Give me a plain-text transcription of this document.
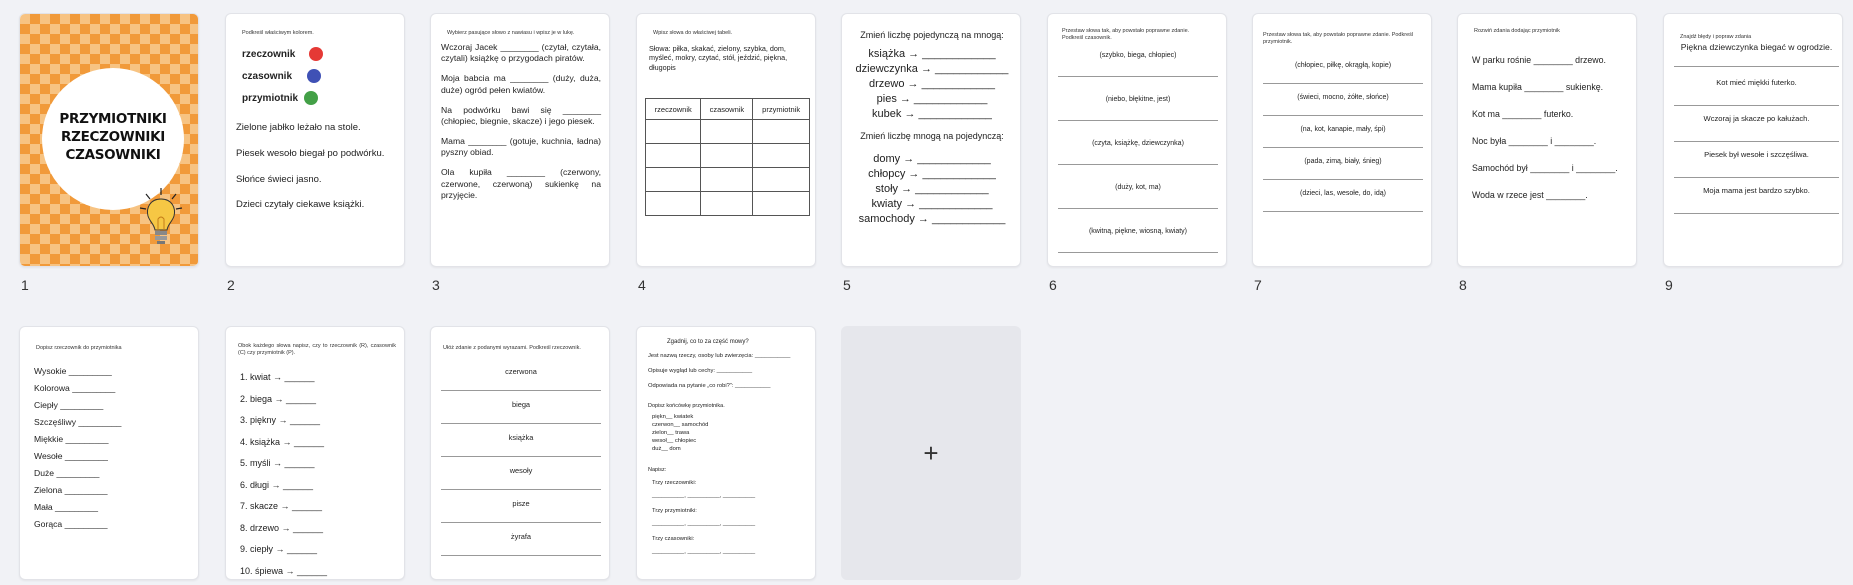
PRZYMIOTNIKI
RZECZOWNIKI
CZASOWNIKI
1
Podkreśl właściwym kolorem.
rzeczownik
czasownik
przymiotnik
Zielone jabłko leżało na stole.
Piesek wesoło biegał po podwórku.
Słońce świeci jasno.
Dzieci czytały ciekawe książki.
2
Wybierz pasujące słowo z nawiasu i wpisz je w lukę.
Wczoraj Jacek ________ (czytał, czytała, czytali) książkę o przygodach piratów.
Moja babcia ma ________ (duży, duża, duże) ogród pełen kwiatów.
Na podwórku bawi się ________ (chłopiec, biegnie, skacze) i jego piesek.
Mama ________ (gotuje, kuchnia, ładna) pyszny obiad.
Ola kupiła ________ (czerwony, czerwone, czerwoną) sukienkę na przyjęcie.
3
Wpisz słowa do właściwej tabeli.
Słowa: piłka, skakać, zielony, szybka, dom, myśleć, mokry, czytać, stół, jeździć, piękna, długopis
rzeczownik	czasownik	przymiotnik

4
Zmień liczbę pojedynczą na mnogą:
książka → ____________
dziewczynka → ____________
drzewo → ____________
pies → ____________
kubek → ____________
Zmień liczbę mnogą na pojedynczą:
domy → ____________
chłopcy → ____________
stoły → ____________
kwiaty → ____________
samochody → ____________
5
Przestaw słowa tak, aby powstało poprawne zdanie. Podkreśl czasownik.
(szybko, biega, chłopiec)
(niebo, błękitne, jest)
(czyta, książkę, dziewczynka)
(duży, kot, ma)
(kwitną, piękne, wiosną, kwiaty)
6
Przestaw słowa tak, aby powstało poprawne zdanie. Podkreśl przymiotnik.
(chłopiec, piłkę, okrągłą, kopie)
(świeci, mocno, żółte, słońce)
(na, kot, kanapie, mały, śpi)
(pada, zimą, biały, śnieg)
(dzieci, las, wesołe, do, idą)
7
Rozwiń zdania dodając przymiotnik
W parku rośnie ________ drzewo.
Mama kupiła ________ sukienkę.
Kot ma ________ futerko.
Noc była ________ i ________.
Samochód był ________ i ________.
Woda w rzece jest ________.
8
Znajdź błędy i popraw zdania
Piękna dziewczynka biegać w ogrodzie.
Kot mieć miękki futerko.
Wczoraj ja skacze po kałużach.
Piesek był wesołe i szczęśliwa.
Moja mama jest bardzo szybko.
9
Dopisz rzeczownik do przymiotnika
Wysokie _________
Kolorowa _________
Ciepły _________
Szczęśliwy _________
Miękkie _________
Wesołe _________
Duże _________
Zielona _________
Mała _________
Gorąca _________
Obok każdego słowa napisz, czy to rzeczownik (R), czasownik (C) czy przymiotnik (P).
1. kwiat → ______
2. biega → ______
3. piękny → ______
4. książka → ______
5. myśli → ______
6. długi → ______
7. skacze → ______
8. drzewo → ______
9. ciepły → ______
10. śpiewa → ______
Ułóż zdanie z podanymi wyrazami. Podkreśl rzeczownik.
czerwona
biega
książka
wesoły
pisze
żyrafa
Zgadnij, co to za część mowy?
Jest nazwą rzeczy, osoby lub zwierzęcia: ___________
Opisuje wygląd lub cechy: ___________
Odpowiada na pytanie „co robi?”: ___________
Dopisz końcówkę przymiotnika.
piękn__ kwiatek
czerwon__ samochód
zielon__ trawa
wesoł__ chłopiec
duż__ dom
Napisz:
Trzy rzeczowniki:
__________, __________, __________
Trzy przymiotniki:
__________, __________, __________
Trzy czasowniki:
__________, __________, __________
+
